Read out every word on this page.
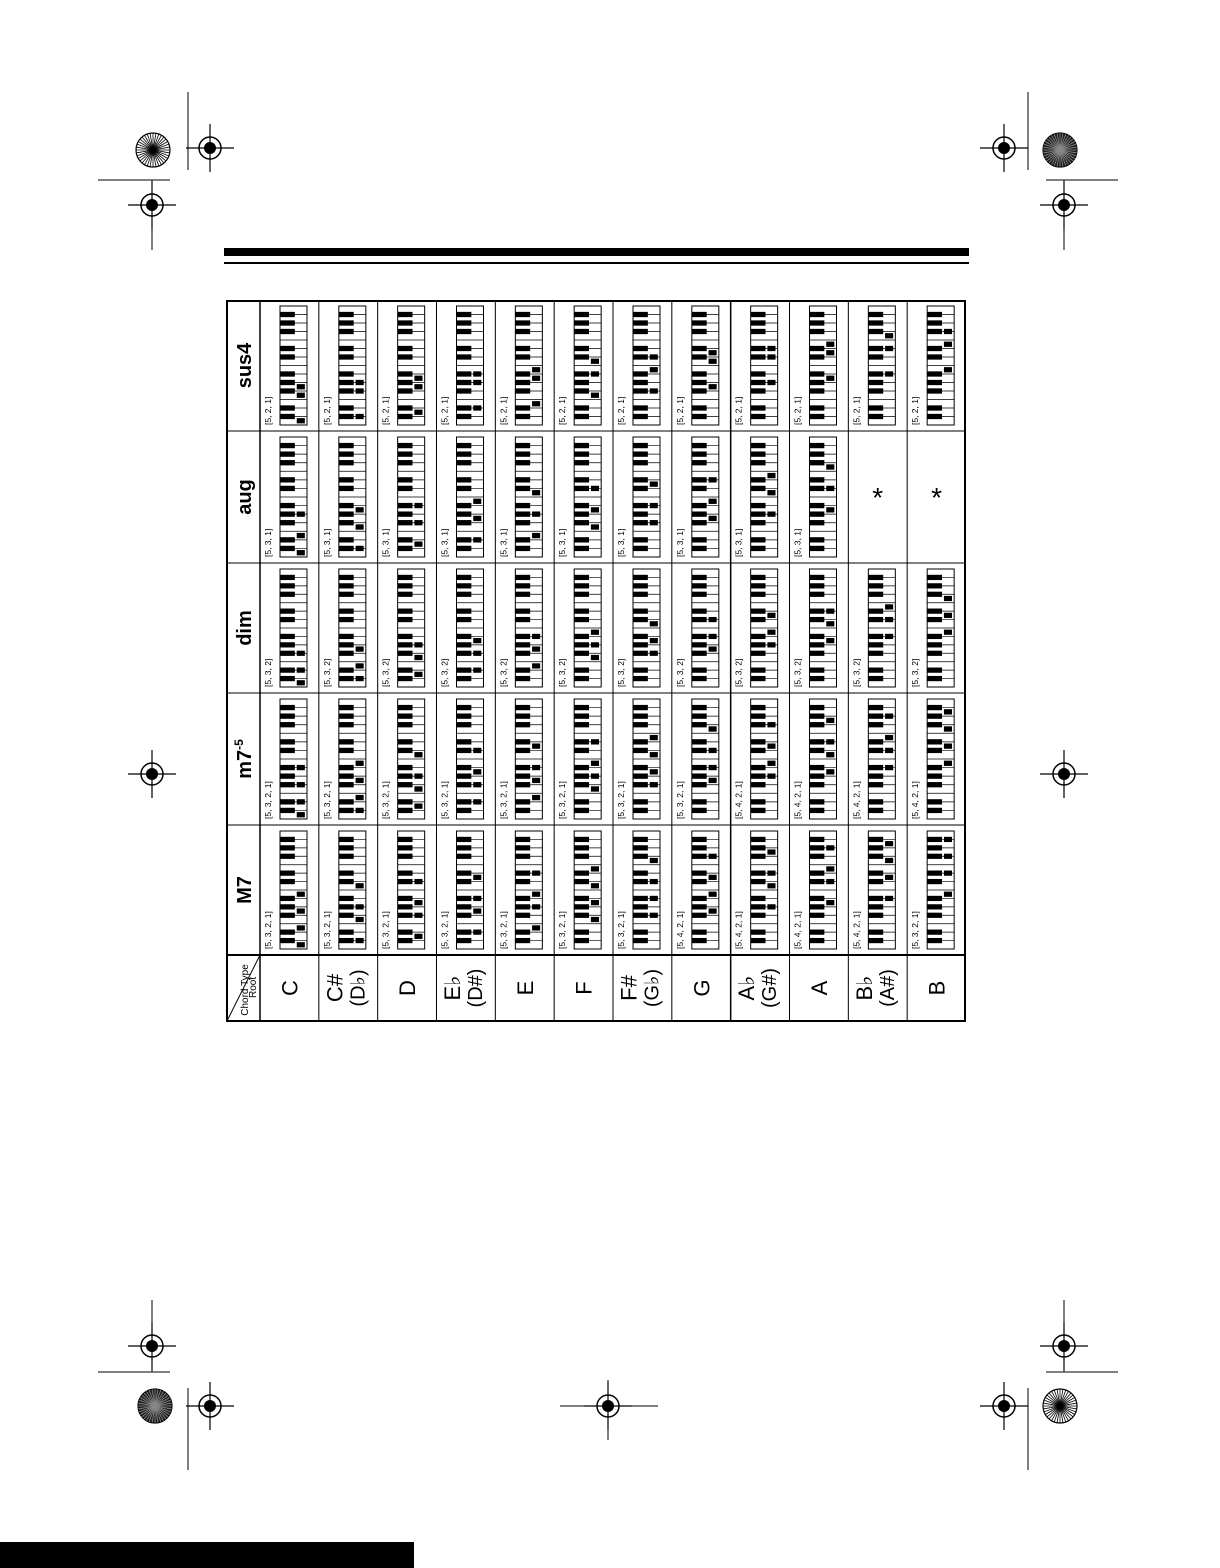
Chord Type
Root
M7
$m7^{-5}$
dim
aug
sus4
C C# (D♭) D E♭ (D#) E F F# (G♭) G A♭ (G#) A B♭ (A#) B
[5, 3, 2, 1]
[5, 3, 2, 1]
[5, 3, 2]
[5, 3, 1]
[5, 2, 1]
[5, 3, 2, 1]
[5, 3, 2, 1]
[5, 3, 2]
[5, 3, 1]
[5, 2, 1]
[5, 3, 2, 1]
[5, 3, 2, 1]
[5, 3, 2]
[5, 3, 1]
[5, 2, 1]
[5, 3, 2, 1]
[5, 3, 2, 1]
[5, 3, 2]
[5, 3, 1]
[5, 2, 1]
[5, 3, 2, 1]
[5, 3, 2, 1]
[5, 3, 2]
[5, 3, 1]
[5, 2, 1]
[5, 3, 2, 1]
[5, 3, 2, 1]
[5, 3, 2]
[5, 3, 1]
[5, 2, 1]
[5, 3, 2, 1]
[5, 3, 2, 1]
[5, 3, 2]
[5, 3, 1]
[5, 2, 1]
[5, 4, 2, 1]
[5, 3, 2, 1]
[5, 3, 2]
[5, 3, 1]
[5, 2, 1]
[5, 4, 2, 1]
[5, 4, 2, 1]
[5, 3, 2]
[5, 3, 1]
[5, 2, 1]
[5, 4, 2, 1]
[5, 4, 2, 1]
[5, 3, 2]
[5, 3, 1]
[5, 2, 1]
[5, 4, 2, 1]
[5, 4, 2, 1]
[5, 3, 2]
*
[5, 2, 1]
[5, 3, 2, 1]
[5, 4, 2, 1]
[5, 3, 2]
*
[5, 2, 1]
